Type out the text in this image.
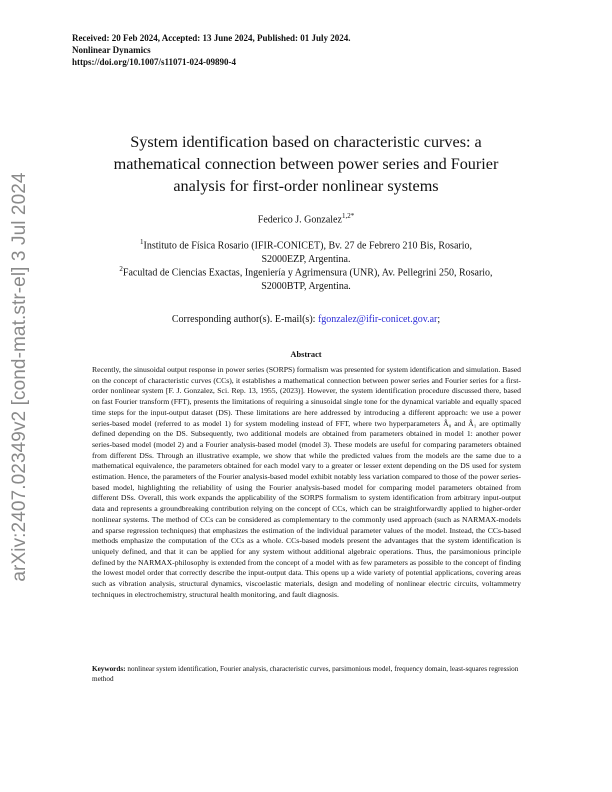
Received: 20 Feb 2024, Accepted: 13 June 2024, Published: 01 July 2024.
Nonlinear Dynamics
https://doi.org/10.1007/s11071-024-09890-4
arXiv:2407.02349v2 [cond-mat.str-el] 3 Jul 2024
System identification based on characteristic curves: a mathematical connection between power series and Fourier analysis for first-order nonlinear systems
Federico J. Gonzalez$^{1,2*}$
$^1$Instituto de Física Rosario (IFIR-CONICET), Bv. 27 de Febrero 210 Bis, Rosario, S2000EZP, Argentina.
$^2$Facultad de Ciencias Exactas, Ingeniería y Agrimensura (UNR), Av. Pellegrini 250, Rosario, S2000BTP, Argentina.
Corresponding author(s). E-mail(s): fgonzalez@ifir-conicet.gov.ar;
Abstract
Recently, the sinusoidal output response in power series (SORPS) formalism was presented for system identification and simulation. Based on the concept of characteristic curves (CCs), it establishes a mathematical connection between power series and Fourier series for a first-order nonlinear system [F. J. Gonzalez, Sci. Rep. 13, 1955, (2023)]. However, the system identification procedure discussed there, based on fast Fourier transform (FFT), presents the limitations of requiring a sinusoidal single tone for the dynamical variable and equally spaced time steps for the input-output dataset (DS). These limitations are here addressed by introducing a different approach: we use a power series-based model (referred to as model 1) for system modeling instead of FFT, where two hyperparameters Â₀ and Â₁ are optimally defined depending on the DS. Subsequently, two additional models are obtained from parameters obtained in model 1: another power series-based model (model 2) and a Fourier analysis-based model (model 3). These models are useful for comparing parameters obtained from different DSs. Through an illustrative example, we show that while the predicted values from the models are the same due to a mathematical equivalence, the parameters obtained for each model vary to a greater or lesser extent depending on the DS used for system estimation. Hence, the parameters of the Fourier analysis-based model exhibit notably less variation compared to those of the power series-based model, highlighting the reliability of using the Fourier analysis-based model for comparing model parameters obtained from different DSs. Overall, this work expands the applicability of the SORPS formalism to system identification from arbitrary input-output data and represents a groundbreaking contribution relying on the concept of CCs, which can be straightforwardly applied to higher-order nonlinear systems. The method of CCs can be considered as complementary to the commonly used approach (such as NARMAX-models and sparse regression techniques) that emphasizes the estimation of the individual parameter values of the model. Instead, the CCs-based methods emphasize the computation of the CCs as a whole. CCs-based models present the advantages that the system identification is uniquely defined, and that it can be applied for any system without additional algebraic operations. Thus, the parsimonious principle defined by the NARMAX-philosophy is extended from the concept of a model with as few parameters as possible to the concept of finding the lowest model order that correctly describe the input-output data. This opens up a wide variety of potential applications, covering areas such as vibration analysis, structural dynamics, viscoelastic materials, design and modeling of nonlinear electric circuits, voltammetry techniques in electrochemistry, structural health monitoring, and fault diagnosis.
Keywords: nonlinear system identification, Fourier analysis, characteristic curves, parsimonious model, frequency domain, least-squares regression method
